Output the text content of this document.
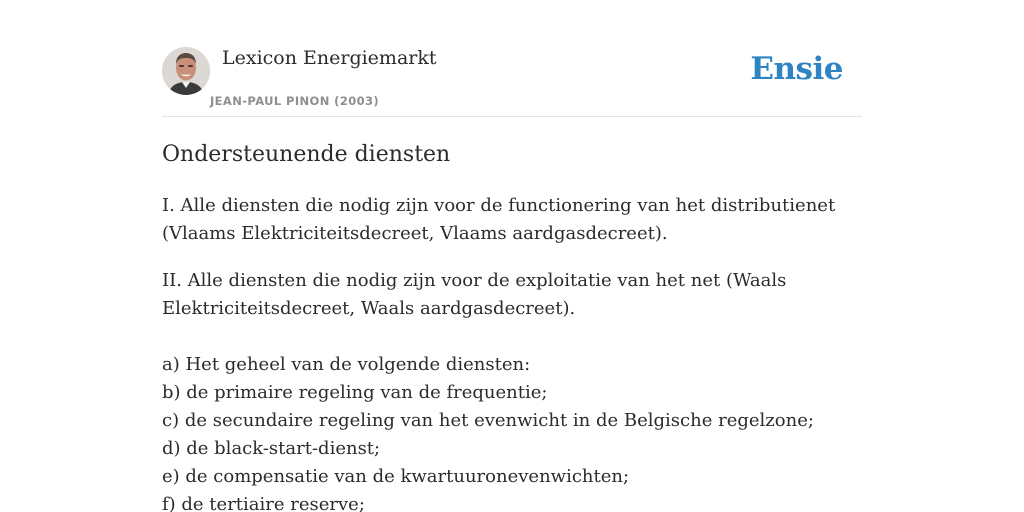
Lexicon Energiemarkt
JEAN-PAUL PINON (2003)
Ensie
Ondersteunende diensten

I. Alle diensten die nodig zijn voor de functionering van het distributienet (Vlaams Elektriciteitsdecreet, Vlaams aardgasdecreet).

II. Alle diensten die nodig zijn voor de exploitatie van het net (Waals Elektriciteitsdecreet, Waals aardgasdecreet).

a) Het geheel van de volgende diensten:
b) de primaire regeling van de frequentie;
c) de secundaire regeling van het evenwicht in de Belgische regelzone;
d) de black-start-dienst;
e) de compensatie van de kwartuuronevenwichten;
f) de tertiaire reserve;
